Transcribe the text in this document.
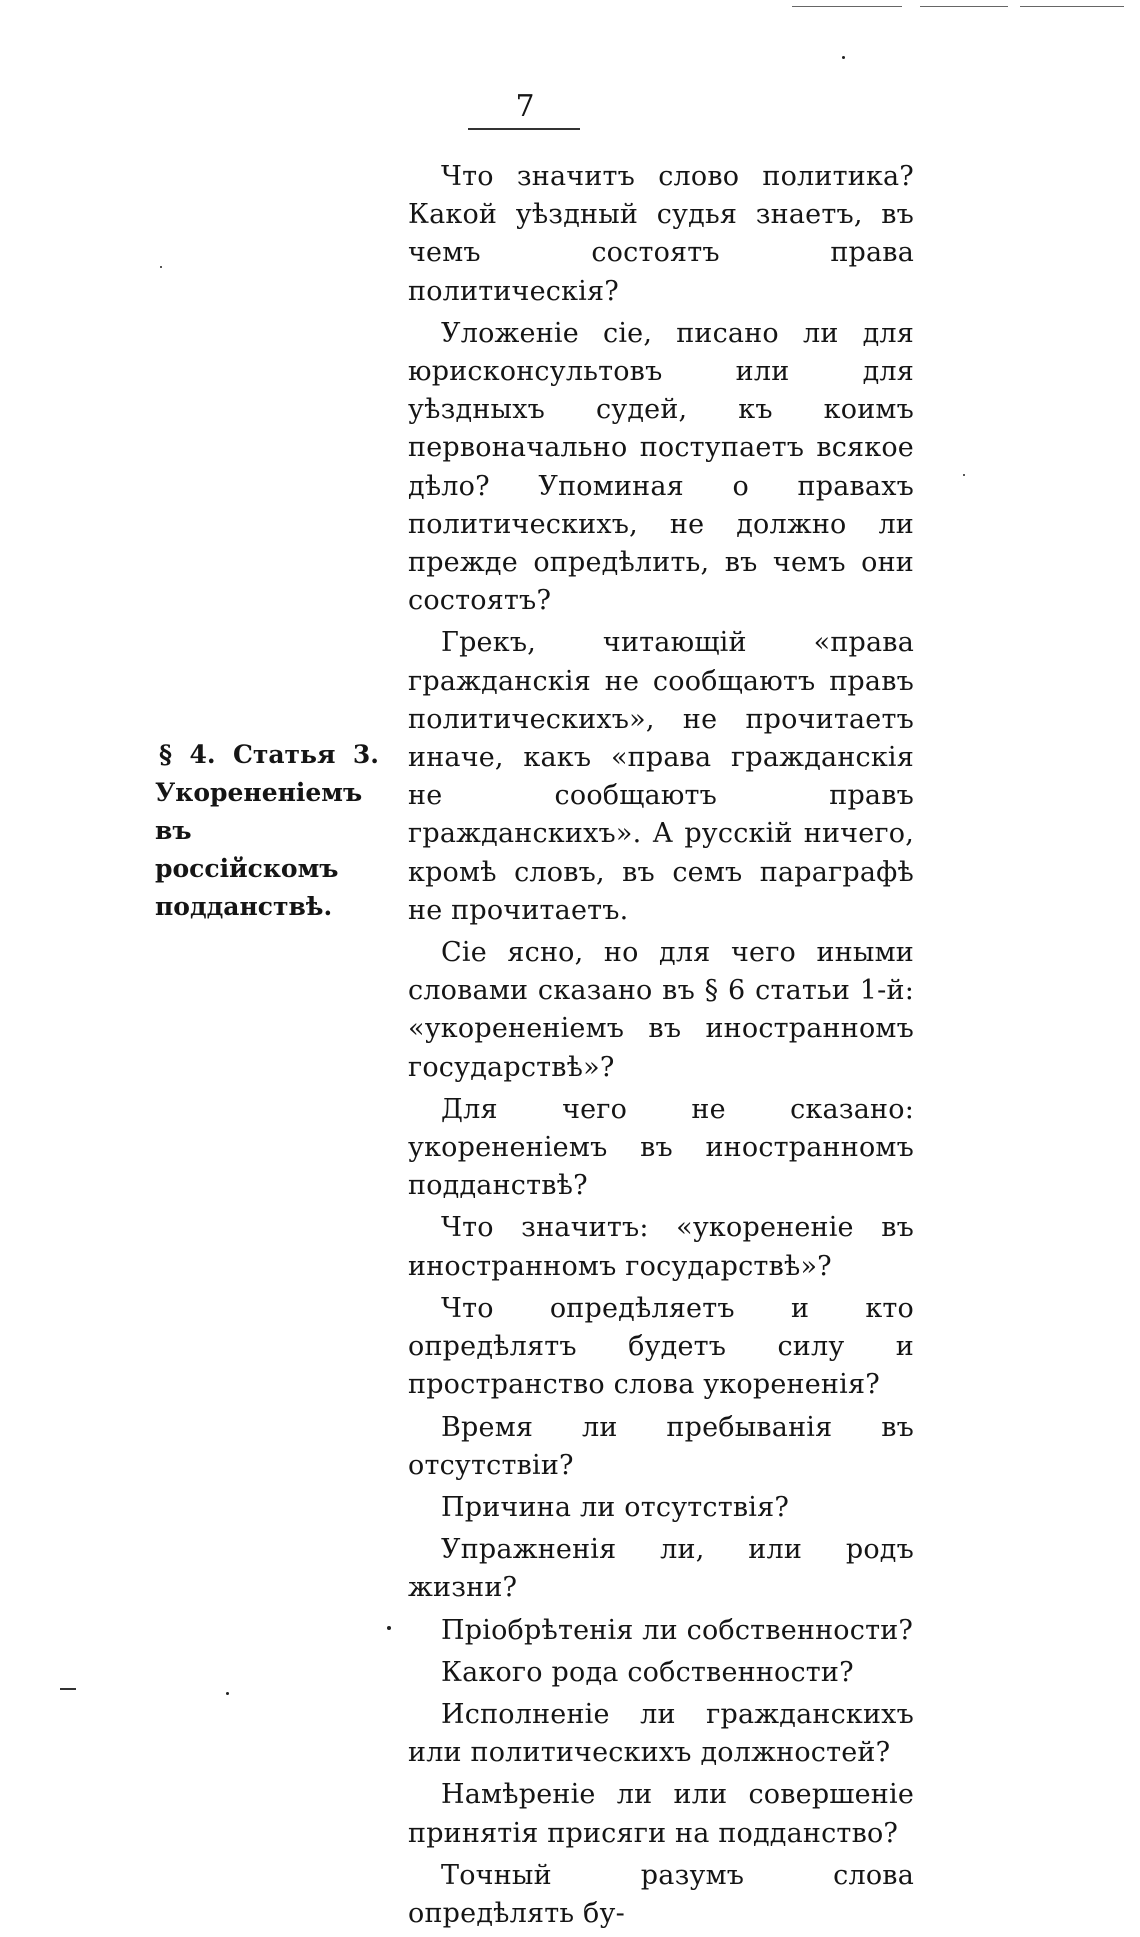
7
§ 4. Статья 3. Укорененіемъ въ россійскомъ подданствѣ.

Что значитъ слово политика? Какой уѣздный судья знаетъ, въ чемъ состоятъ права политическія?

Уложеніе сіе, писано ли для юрисконсультовъ или для уѣздныхъ судей, къ коимъ первоначально поступаетъ всякое дѣло? Упоминая о правахъ политическихъ, не должно ли прежде опредѣлить, въ чемъ они состоятъ?

Грекъ, читающій «права гражданскія не сообщаютъ правъ политическихъ», не прочитаетъ иначе, какъ «права гражданскія не сообщаютъ правъ гражданскихъ». А русскій ничего, кромѣ словъ, въ семъ параграфѣ не прочитаетъ.

Сіе ясно, но для чего иными словами сказано въ § 6 статьи 1-й: «укорененіемъ въ иностранномъ государствѣ»?

Для чего не сказано: укорененіемъ въ иностранномъ подданствѣ?

Что значитъ: «укорененіе въ иностранномъ государствѣ»?

Что опредѣляетъ и кто опредѣлятъ будетъ силу и пространство слова укорененія?

Время ли пребыванія въ отсутствіи?

Причина ли отсутствія?

Упражненія ли, или родъ жизни?

Пріобрѣтенія ли собственности?

Какого рода собственности?

Исполненіе ли гражданскихъ или политическихъ должностей?

Намѣреніе ли или совершеніе принятія присяги на подданство?

Точный разумъ слова опредѣлять бу-
